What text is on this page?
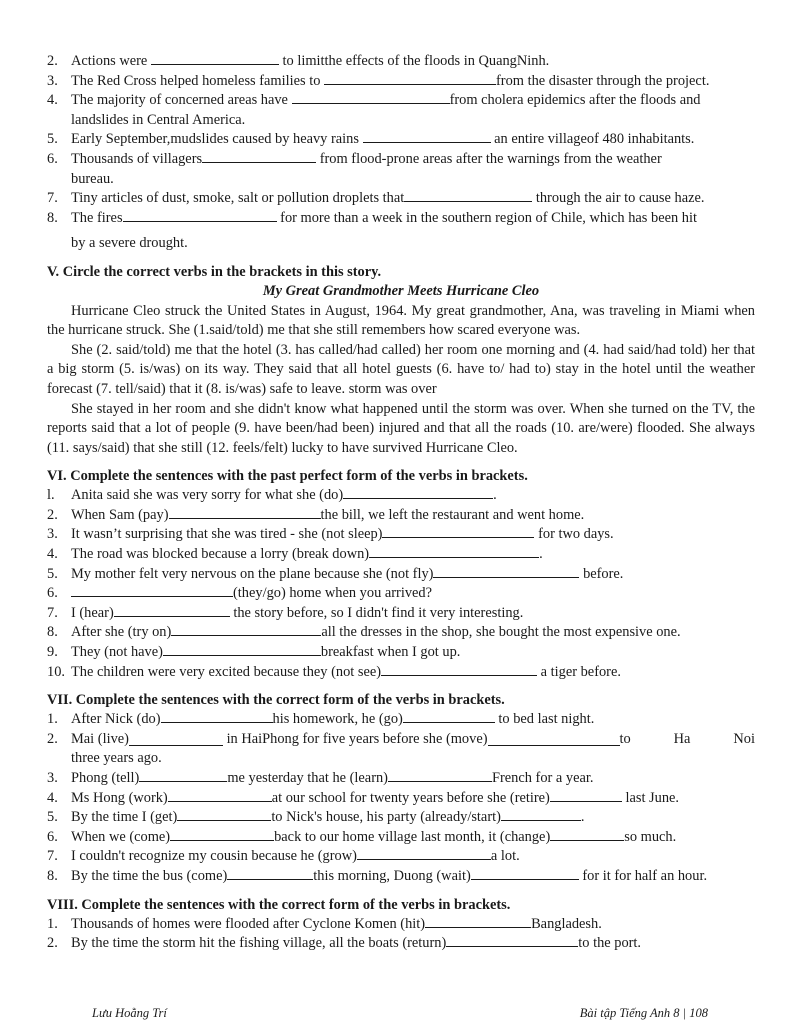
2. Actions were	to limitthe effects of the floods in QuangNinh.
3. The Red Cross helped homeless families to	from the disaster through the project.
4. The majority of concerned areas have	from cholera epidemics after the floods and
landslides in Central America.
5. Early September,mudslides caused by heavy rains	an entire villageof 480 inhabitants.
6. Thousands of villagers	from flood-prone areas after the warnings from the weather
bureau.
7. Tiny articles of dust, smoke, salt or pollution droplets that	through the air to cause haze.
8. The fires	for more than a week in the southern region of Chile, which has been hit
by a severe drought.
V. Circle the correct verbs in the brackets in this story.
My Great Grandmother Meets Hurricane Cleo
Hurricane Cleo struck the United States in August, 1964. My great grandmother, Ana, was traveling in Miami when the hurricane struck. She (1.said/told) me that she still remembers how scared everyone was.
She (2. said/told) me that the hotel (3. has called/had called) her room one morning and (4. had said/had told) her that a big storm (5. is/was) on its way. They said that all hotel guests (6. have to/ had to) stay in the hotel until the weather forecast (7. tell/said) that it (8. is/was) safe to leave. storm was over
She stayed in her room and she didn't know what happened until the storm was over. When she turned on the TV, the reports said that a lot of people (9. have been/had been) injured and that all the roads (10. are/were) flooded. She always (11. says/said) that she still (12. feels/felt) lucky to have survived Hurricane Cleo.
VI. Complete the sentences with the past perfect form of the verbs in brackets.
l.	Anita said she was very sorry for what she (do)	.
2. When Sam (pay)	the bill, we left the restaurant and went home.
3. It wasn’t surprising that she was tired - she (not sleep)	for two days.
4. The road was blocked because a lorry (break down)	.
5. My mother felt very nervous on the plane because she (not fly)	before.
6.	(they/go) home when you arrived?
7. I (hear)	the story before, so I didn't find it very interesting.
8. After she (try on)	all the dresses in the shop, she bought the most expensive one.
9. They (not have)	breakfast when I got up.
10. The children were very excited because they (not see)	a tiger before.
VII. Complete the sentences with the correct form of the verbs in brackets.
1. After Nick (do)	his homework, he (go)	to bed last night.
2. Mai (live)
	in HaiPhong for five years before she (move)	to Ha Noi
three years ago.
3. Phong (tell)	me yesterday that he (learn)	French for a year.
4. Ms Hong (work)	at our school for twenty years before she (retire)	last June.
5. By the time I (get)	to Nick's house, his party (already/start)	.
6. When we (come)	back to our home village last month, it (change)	so much.
7. I couldn't recognize my cousin because he (grow)	a lot.
8. By the time the bus (come)	this morning, Duong (wait)	for it for half an hour.
VIII. Complete the sentences with the correct form of the verbs in brackets.
1. Thousands of homes were flooded after Cyclone Komen (hit)	Bangladesh.
2. By the time the storm hit the fishing village, all the boats (return)	to the port.
Lưu Hoằng Trí	Bài tập Tiếng Anh 8 | 108
